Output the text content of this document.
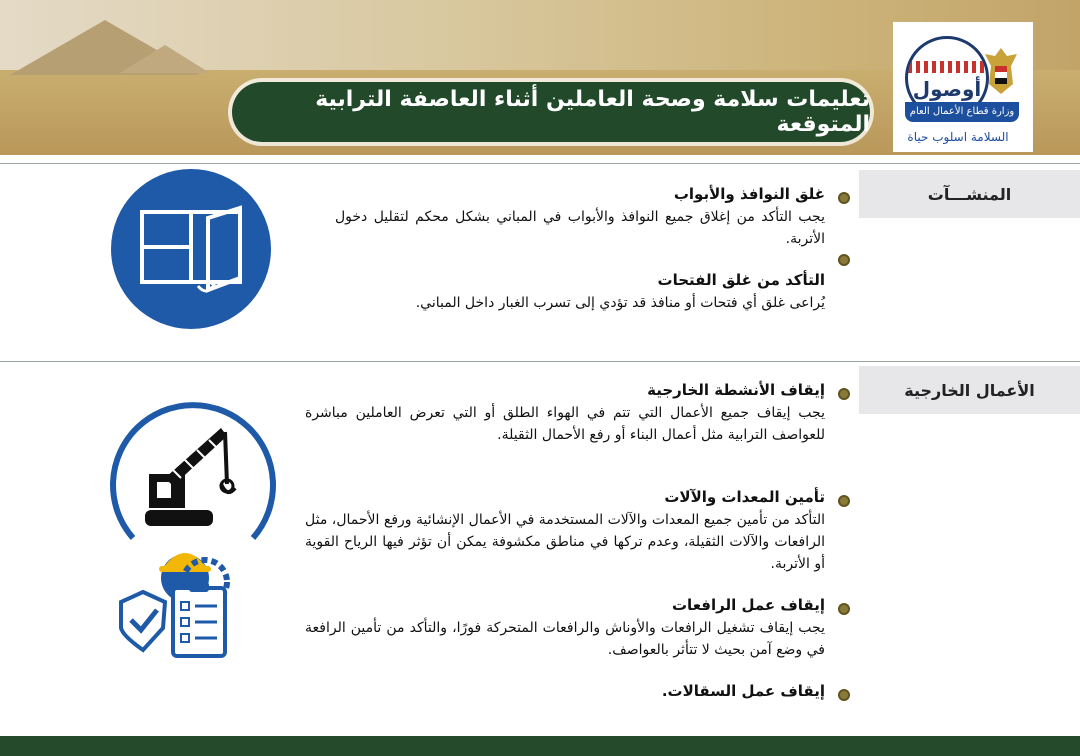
تعليمات سلامة وصحة العاملين أثناء العاصفة الترابية المتوقعة
أوصول
وزارة قطاع الأعمال العام
السلامة اسلوب حياة
المنشـــآت
غلق النوافذ والأبواب

يجب التأكد من إغلاق جميع النوافذ والأبواب في المباني بشكل محكم لتقليل دخول الأتربة.

التأكد من غلق الفتحات

يُراعى غلق أي فتحات أو منافذ قد تؤدي إلى تسرب الغبار داخل المباني.

الأعمال الخارجية
إيقاف الأنشطة الخارجية

يجب إيقاف جميع الأعمال التي تتم في الهواء الطلق أو التي تعرض العاملين مباشرة للعواصف الترابية مثل أعمال البناء أو رفع الأحمال الثقيلة.

تأمين المعدات والآلات

التأكد من تأمين جميع المعدات والآلات المستخدمة في الأعمال الإنشائية ورفع الأحمال، مثل الرافعات والآلات الثقيلة، وعدم تركها في مناطق مكشوفة يمكن أن تؤثر فيها الرياح القوية أو الأتربة.

إيقاف عمل الرافعات

يجب إيقاف تشغيل الرافعات والأوناش والرافعات المتحركة فورًا، والتأكد من تأمين الرافعة في وضع آمن بحيث لا تتأثر بالعواصف.

إيقاف عمل السقالات.
